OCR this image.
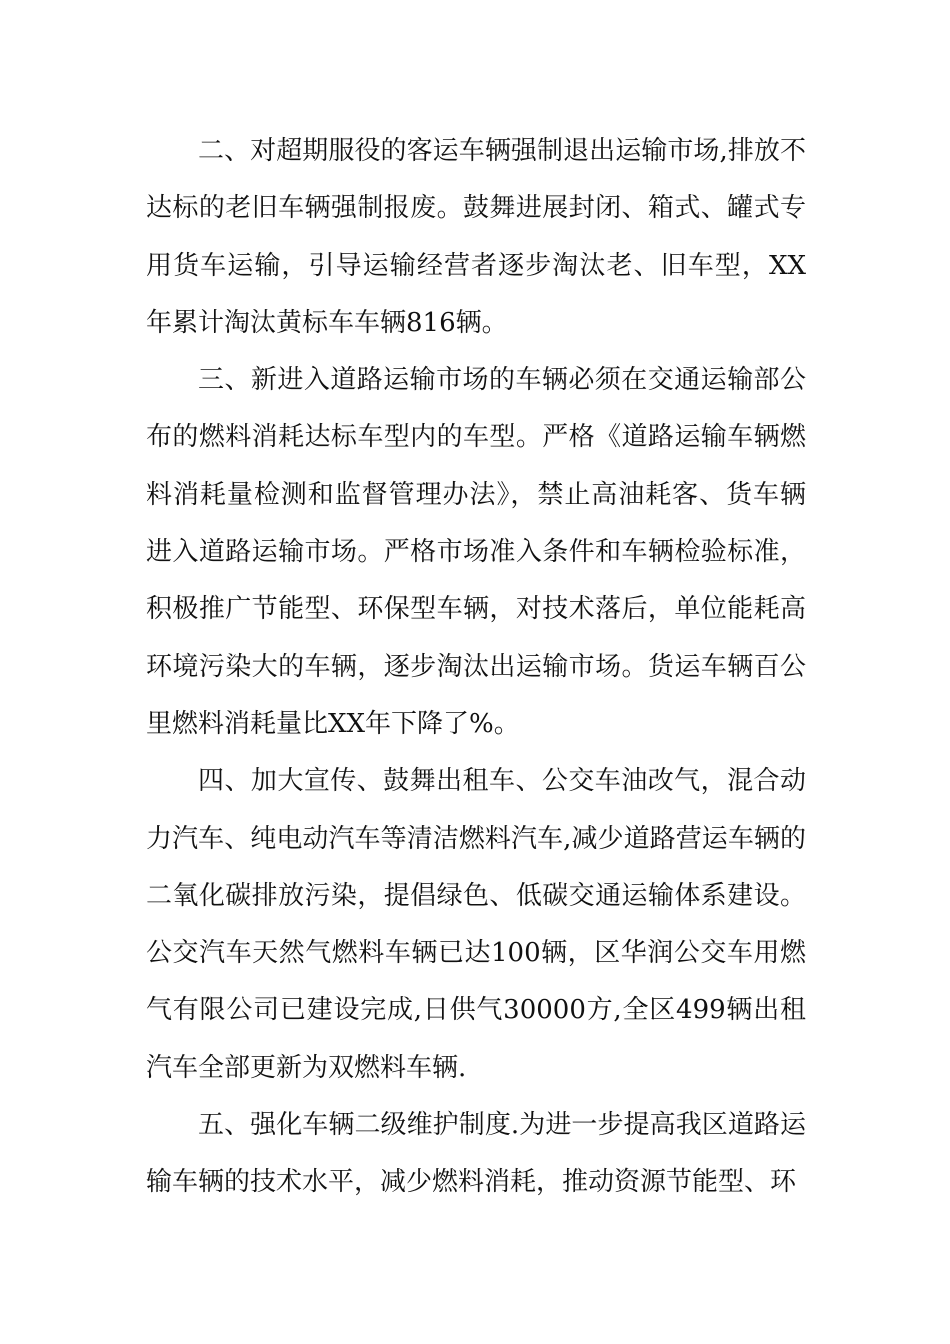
二、对超期服役的客运车辆强制退出运输市场,排放不达标的老旧车辆强制报废。鼓舞进展封闭、箱式、罐式专用货车运输，引导运输经营者逐步淘汰老、旧车型，XX年累计淘汰黄标车车辆816辆。

三、新进入道路运输市场的车辆必须在交通运输部公布的燃料消耗达标车型内的车型。严格《道路运输车辆燃料消耗量检测和监督管理办法》，禁止高油耗客、货车辆进入道路运输市场。严格市场准入条件和车辆检验标准，积极推广节能型、环保型车辆，对技术落后，单位能耗高环境污染大的车辆，逐步淘汰出运输市场。货运车辆百公里燃料消耗量比XX年下降了%。

四、加大宣传、鼓舞出租车、公交车油改气，混合动力汽车、纯电动汽车等清洁燃料汽车,减少道路营运车辆的二氧化碳排放污染，提倡绿色、低碳交通运输体系建设。公交汽车天然气燃料车辆已达100辆，区华润公交车用燃气有限公司已建设完成,日供气30000方,全区499辆出租汽车全部更新为双燃料车辆.

五、强化车辆二级维护制度.为进一步提高我区道路运输车辆的技术水平，减少燃料消耗，推动资源节能型、环
